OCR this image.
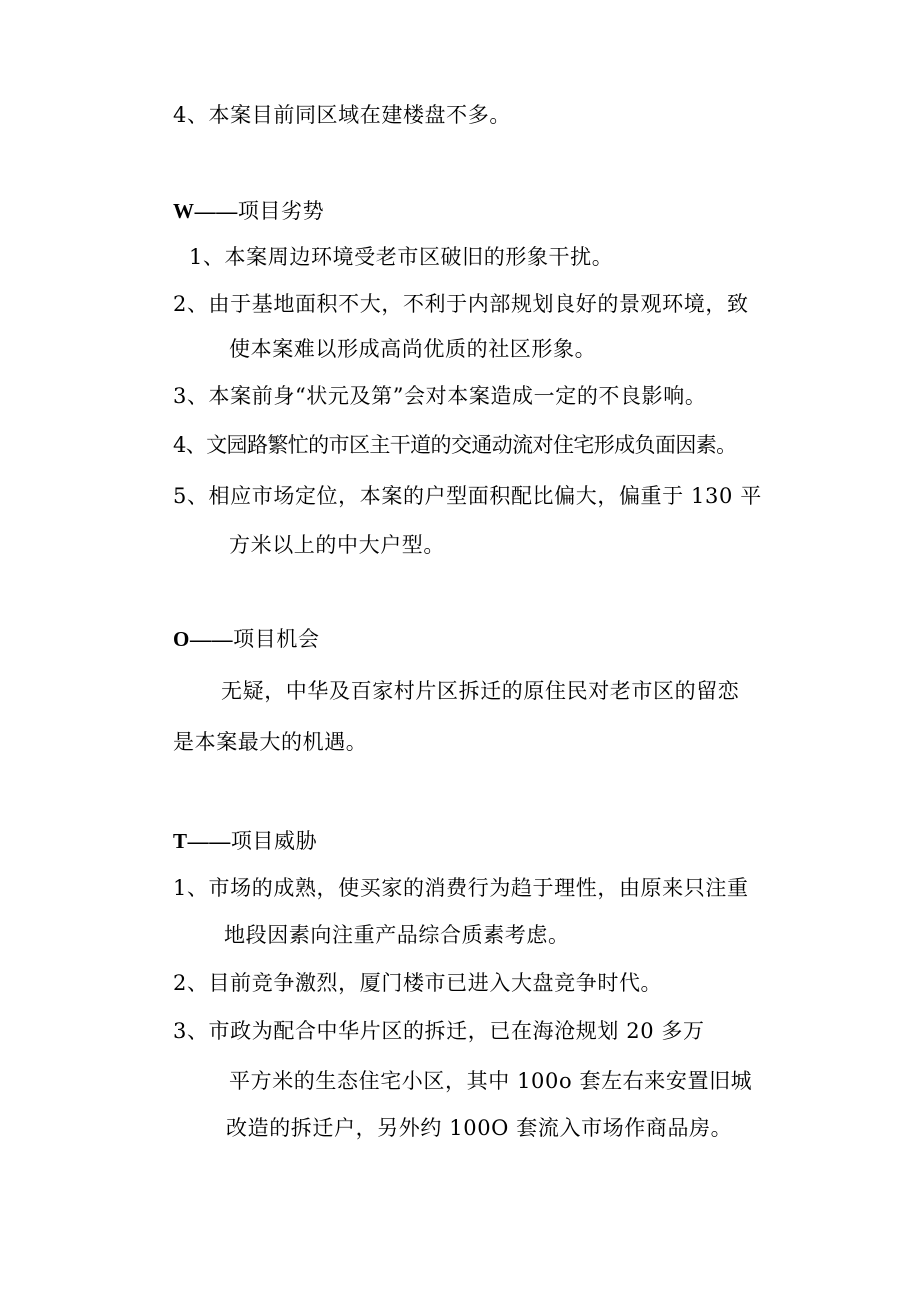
4、本案目前同区域在建楼盘不多。
W——项目劣势
1、本案周边环境受老市区破旧的形象干扰。
2、由于基地面积不大，不利于内部规划良好的景观环境，致
使本案难以形成高尚优质的社区形象。
3、本案前身“状元及第”会对本案造成一定的不良影响。
4、文园路繁忙的市区主干道的交通动流对住宅形成负面因素。
5、相应市场定位，本案的户型面积配比偏大，偏重于 130 平
方米以上的中大户型。
O——项目机会
无疑，中华及百家村片区拆迁的原住民对老市区的留恋
是本案最大的机遇。
T——项目威胁
1、市场的成熟，使买家的消费行为趋于理性，由原来只注重
地段因素向注重产品综合质素考虑。
2、目前竞争激烈，厦门楼市已进入大盘竞争时代。
3、市政为配合中华片区的拆迁，已在海沧规划 20 多万
平方米的生态住宅小区，其中 100o 套左右来安置旧城
改造的拆迁户，另外约 100O 套流入市场作商品房。
